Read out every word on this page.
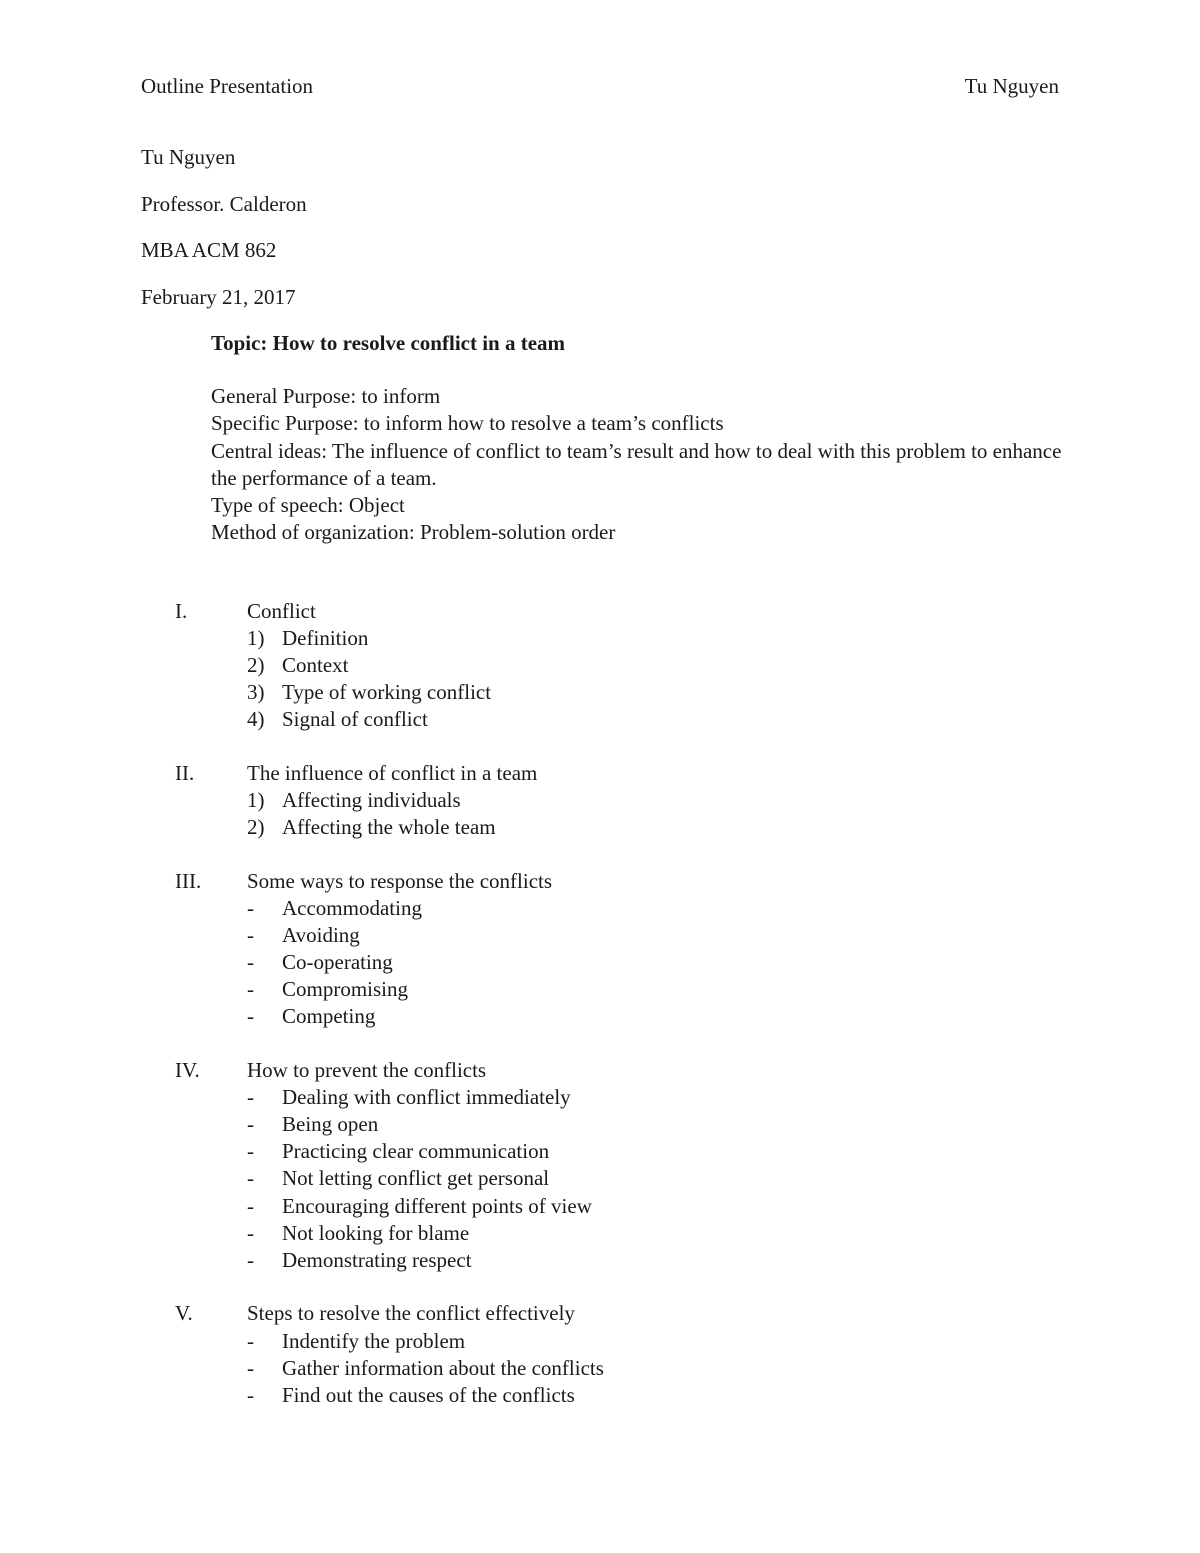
Outline Presentation	Tu Nguyen
Tu Nguyen
Professor. Calderon
MBA ACM 862
February 21, 2017
Topic: How to resolve conflict in a team
General Purpose: to inform
Specific Purpose: to inform how to resolve a team’s conflicts
Central ideas: The influence of conflict to team’s result and how to deal with this problem to enhance the performance of a team.
Type of speech: Object
Method of organization: Problem-solution order
I.	Conflict
1) Definition
2) Context
3) Type of working conflict
4) Signal of conflict
II.	The influence of conflict in a team
1) Affecting individuals
2) Affecting the whole team
III. Some ways to response the conflicts
- Accommodating
- Avoiding
- Co-operating
- Compromising
- Competing
IV. How to prevent the conflicts
- Dealing with conflict immediately
- Being open
- Practicing clear communication
- Not letting conflict get personal
- Encouraging different points of view
- Not looking for blame
- Demonstrating respect
V.	Steps to resolve the conflict effectively
- Indentify the problem
- Gather information about the conflicts
- Find out the causes of the conflicts
